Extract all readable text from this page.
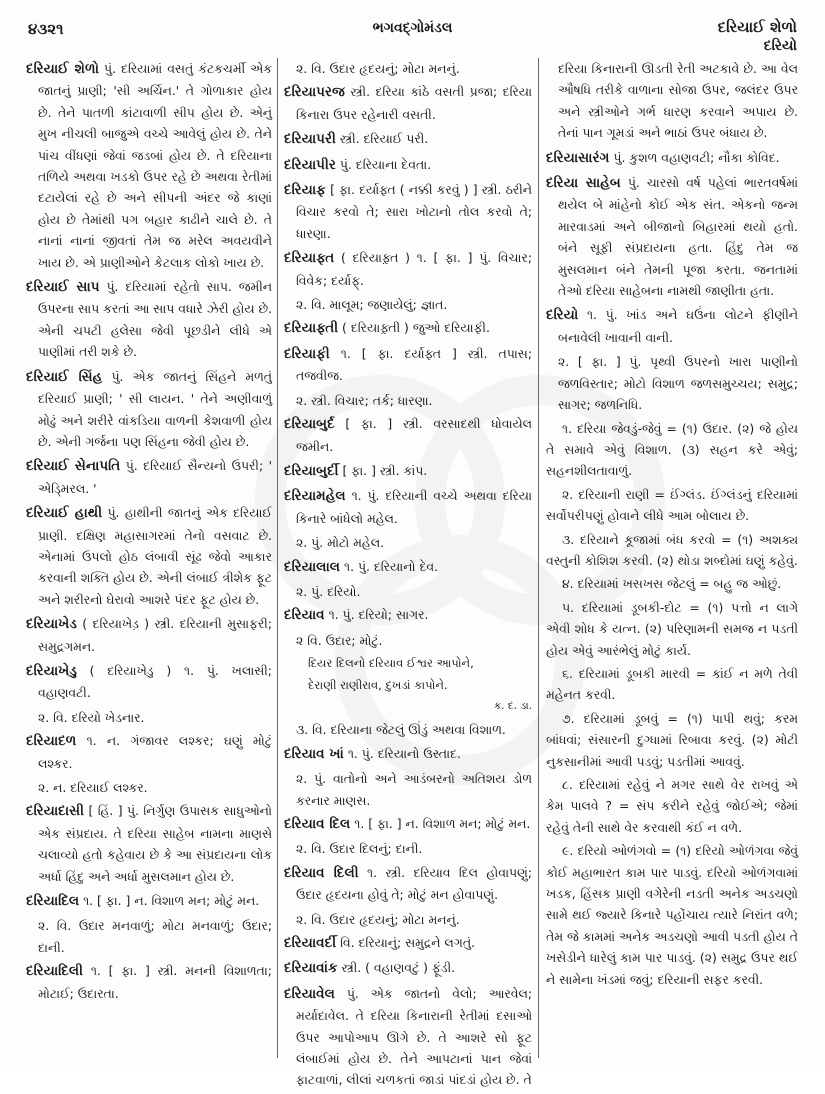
૪૩૨૧	ભગવદ્ગોમંડલ	દરિયાઈ શેળો
દરિયો

દરિયાઈ શેળો પું. દરિયામાં વસતું કંટકચર્મી એક જાતનું પ્રાણી; 'સી અર્ચિન.' તે ગોળાકાર હોય છે. તેને પાતળી કાંટાવાળી સીપ હોય છે. એનું મુખ નીચલી બાજુએ વચ્ચે આવેલું હોય છે. તેને પાંચ વીંધણાં જેવાં જડબાં હોય છે. તે દરિયાના તળિયે અથવા ખડકો ઉપર રહે છે અથવા રેતીમાં દટાયેલાં રહે છે અને સીપની અંદર જે કાણાં હોય છે તેમાંથી પગ બહાર કાઢીને ચાલે છે. તે નાનાં નાનાં જીવતાં તેમ જ મરેલ અવયવીને ખાય છે. એ પ્રાણીઓને કેટલાક લોકો ખાય છે.

દરિયાઈ સાપ પું. દરિયામાં રહેતો સાપ. જમીન ઉપરના સાપ કરતાં આ સાપ વધારે ઝેરી હોય છે. એની ચપટી હલેસા જેવી પૂછડીને લીધે એ પાણીમાં તરી શકે છે.

દરિયાઈ સિંહ પું. એક જાતનું સિંહને મળતું દરિયાઈ પ્રાણી; ' સી લાયન. ' તેને અણીવાળું મોઢું અને શરીરે વાંકડિયા વાળની કેશવાળી હોય છે. એની ગર્જના પણ સિંહના જેવી હોય છે.

દરિયાઈ સેનાપતિ પું. દરિયાઈ સૈન્યનો ઉપરી; ' એડ્મિરલ. '

દરિયાઈ હાથી પું. હાથીની જાતનું એક દરિયાઈ પ્રાણી. દક્ષિણ મહાસાગરમાં તેનો વસવાટ છે. એનામાં ઉપલો હોઠ લંબાવી સૂંઢ જેવો આકાર કરવાની શક્તિ હોય છે. એની લંબાઈ ત્રીશેક ફૂટ અને શરીરનો ઘેરાવો આશરે પંદર ફૂટ હોય છે.

દરિયાખેડ ( દરિયાખેડ઼ ) સ્ત્રી. દરિયાની મુસાફરી; સમુદ્રગમન.

દરિયાખેડુ ( દરિયાખેડ઼ુ ) ૧. પું. ખલાસી; વહાણવટી.

૨. વિ. દરિયો ખેડનાર.

દરિયાદળ ૧. ન. ગંજાવર લશ્કર; ઘણું મોટું લશ્કર.

૨. ન. દરિયાઈ લશ્કર.

દરિયાદાસી [ હિં. ] પું. નિર્ગુણ ઉપાસક સાધુઓનો એક સંપ્રદાય. તે દરિયા સાહેબ નામના માણસે ચલાવ્યો હતો કહેવાય છે કે આ સંપ્રદાયના લોક અર્ધા હિંદુ અને અર્ધા મુસલમાન હોય છે.

દરિયાદિલ ૧. [ ફા. ] ન. વિશાળ મન; મોટું મન.

૨. વિ. ઉદાર મનવાળું; મોટા મનવાળું; ઉદાર; દાની.

દરિયાદિલી ૧. [ ફા. ] સ્ત્રી. મનની વિશાળતા; મોટાઈ; ઉદારતા.

૨. વિ. ઉદાર હૃદયનું; મોટા મનનું.

દરિયાપરજ સ્ત્રી. દરિયા કાંઠે વસતી પ્રજા; દરિયા કિનારા ઉપર રહેનારી વસતી.

દરિયાપરી સ્ત્રી. દરિયાઈ પરી.

દરિયાપીર પું. દરિયાના દેવતા.

દરિયાફ [ ફા. દર્યાફ્ત ( નક્કી કરવું ) ] સ્ત્રી. ઠરીને વિચાર કરવો તે; સારા ખોટાનો તોલ કરવો તે; ધારણા.

દરિયાફ્ત ( દરિયાફ઼્ત ) ૧. [ ફા. ] પું. વિચાર; વિવેક; દર્યાફ્.

૨. વિ. માલૂમ; જણાયેલું; જ્ઞાત.

દરિયાફ્તી ( દરિયાફ઼્તી ) જુઓ દરિયાફી.

દરિયાફી ૧. [ ફા. દર્યાફ્ત ] સ્ત્રી. તપાસ; તજવીજ.

૨. સ્ત્રી. વિચાર; તર્ક; ધારણા.

દરિયાબુર્દ [ ફા. ] સ્ત્રી. વરસાદથી ધોવાયેલ જમીન.

દરિયાબુર્દી [ ફા. ] સ્ત્રી. કાંપ.

દરિયામહેલ ૧. પું. દરિયાની વચ્ચે અથવા દરિયા કિનારે બાંધેલો મહેલ.

૨. પું. મોટો મહેલ.

દરિયાલાલ ૧. પું. દરિયાનો દેવ.

૨. પું. દરિયો.

દરિયાવ ૧. પું. દરિયો; સાગર.

૨ વિ. ઉદાર; મોટું.

દિયર દિલનો દરિયાવ ઈશ્વર આપોને,

દેરાણી રાણીરાવ, દુખડાં કાપોને.

ક. દ. ડા.

૩. વિ. દરિયાના જેટલું ઊંડું અથવા વિશાળ.

દરિયાવ ખાં ૧. પું. દરિયાનો ઉસ્તાદ.

૨. પું. વાતોનો અને આડંબરનો અતિશય ડોળ કરનાર માણસ.

દરિયાવ દિલ ૧. [ ફા. ] ન. વિશાળ મન; મોટું મન.

૨. વિ. ઉદાર દિલનું; દાની.

દરિયાવ દિલી ૧. સ્ત્રી. દરિયાવ દિલ હોવાપણું; ઉદાર હૃદયના હોવું તે; મોટું મન હોવાપણું.

૨. વિ. ઉદાર હૃદયનું; મોટા મનનું.

દરિયાવર્દી વિ. દરિયાનું; સમુદ્રને લગતું.

દરિયાવાંક સ્ત્રી. ( વહાણવટું ) ફૂંડી.

દરિયાવેલ પું. એક જાતનો વેલો; આરવેલ; મર્યાદાવેલ. તે દરિયા કિનારાની રેતીમાં દસાઓ ઉપર આપોઆપ ઊગે છે. તે આશરે સો ફૂટ લંબાઈમાં હોય છે. તેને આપટાનાં પાન જેવાં ફાટવાળાં, લીલાં ચળકતાં જાડાં પાંદડાં હોય છે. તે

દરિયા કિનારાની ઊડતી રેતી અટકાવે છે. આ વેલ ઔષધિ તરીકે વાળાના સોજા ઉપર, જલંદર ઉપર અને સ્ત્રીઓને ગર્ભ ધારણ કરવાને અપાય છે. તેનાં પાન ગૂમડાં અને ભાઠાં ઉપર બંધાય છે.

દરિયાસારંગ પું. કુશળ વહાણવટી; નૌકા કોવિદ.

દરિયા સાહેબ પું. ચારસો વર્ષ પહેલાં ભારતવર્ષમાં થયેલ બે માંહેનો કોઈ એક સંત. એકનો જન્મ મારવાડમાં અને બીજાનો બિહારમાં થયો હતો. બંને સૂફી સંપ્રદાયના હતા. હિંદુ તેમ જ મુસલમાન બંને તેમની પૂજા કરતા. જનતામાં તેઓ દરિયા સાહેબના નામથી જાણીતા હતા.

દરિયો ૧. પું. ખાંડ અને ઘઉંના લોટને ફીણીને બનાવેલી ખાવાની વાની.

૨. [ ફા. ] પું. પૃથ્વી ઉપરનો ખારા પાણીનો જળવિસ્તાર; મોટો વિશાળ જળસમુચ્ચય; સમુદ્ર; સાગર; જળનિધિ.

૧. દરિયા જેવડું-જેવું = (૧) ઉદાર. (૨) જે હોય તે સમાવે એવું વિશાળ. (૩) સહન કરે એવું; સહનશીલતાવાળું.

૨. દરિયાની રાણી = ઈંગ્લંડ. ઈંગ્લંડનું દરિયામાં સર્વોપરીપણું હોવાને લીધે આમ બોલાય છે.

૩. દરિયાને કૂજામાં બંધ કરવો = (૧) અશક્ય વસ્તુની કોશિશ કરવી. (૨) થોડા શબ્દોમાં ઘણું કહેવું.

૪. દરિયામાં ખસખસ જેટલું = બહુ જ ઓછું.

૫. દરિયામાં ડૂબકી-દોટ = (૧) પત્તો ન લાગે એવી શોધ કે યત્ન. (૨) પરિણામની સમજ ન પડતી હોય એવું આરંભેલું મોટું કાર્ય.

૬. દરિયામાં ડૂબકી મારવી = કાંઈ ન મળે તેવી મહેનત કરવી.

૭. દરિયામાં ડૂબવું = (૧) પાપી થવું; કરમ બાંધવાં; સંસારની દુગ્ધામાં રિબાવા કરવું. (૨) મોટી નુકસાનીમાં આવી પડવું; પડતીમાં આવવું.

૮. દરિયામાં રહેવું ને મગર સાથે વેર રાખવું એ કેમ પાલવે ? = સંપ કરીને રહેવું જોઈએ; જેમાં રહેવું તેની સાથે વેર કરવાથી કંઈ ન વળે.

૯. દરિયો ઓળંગવો = (૧) દરિયો ઓળંગવા જેવું કોઈ મહાભારત કામ પાર પાડવું. દરિયો ઓળંગવામાં ખડક, હિંસક પ્રાણી વગેરેની નડતી અનેક અડચણો સામે થઈ જ્યારે કિનારે પહોંચાય ત્યારે નિરાંત વળે; તેમ જે કામમાં અનેક અડચણો આવી પડતી હોય તે ખસેડીને ધારેલું કામ પાર પાડવું. (૨) સમુદ્ર ઉપર થઈ ને સામેના ખંડમાં જવું; દરિયાની સફર કરવી.
